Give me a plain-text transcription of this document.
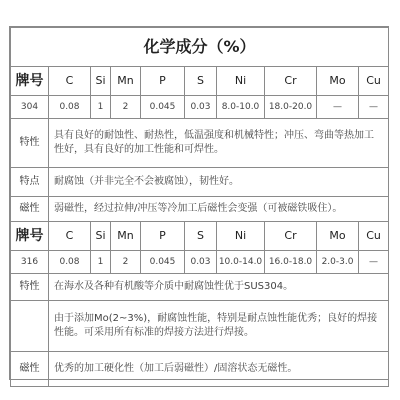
化学成分（%）									
牌号	C	Si	Mn	P	S	Ni	Cr	Mo	Cu
304	0.08	1	2	0.045	0.03	8.0-10.0	18.0-20.0	—	—
特性	具有良好的耐蚀性、耐热性，低温强度和机械特性；冲压、弯曲等热加工性好，具有良好的加工性能和可焊性。								
特点	耐腐蚀（并非完全不会被腐蚀），韧性好。								
磁性	弱磁性，经过拉伸/冲压等冷加工后磁性会变强（可被磁铁吸住）。								
牌号	C	Si	Mn	P	S	Ni	Cr	Mo	Cu
316	0.08	1	2	0.045	0.03	10.0-14.0	16.0-18.0	2.0-3.0	—
特性	在海水及各种有机酸等介质中耐腐蚀性优于SUS304。								
	由于添加Mo(2~3%)，耐腐蚀性能，特别是耐点蚀性能优秀；良好的焊接性能。可采用所有标准的焊接方法进行焊接。								
磁性	优秀的加工硬化性（加工后弱磁性）/固溶状态无磁性。								
